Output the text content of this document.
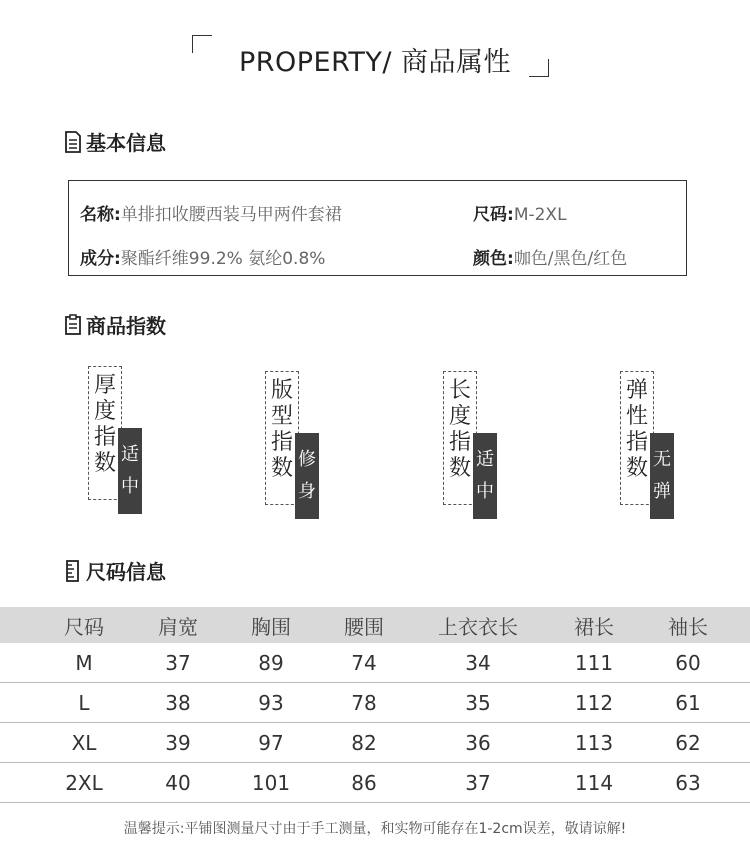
PROPERTY/ 商品属性
基本信息
名称:单排扣收腰西装马甲两件套裙	尺码:M-2XL
成分:聚酯纤维99.2% 氨纶0.8%	颜色:咖色/黑色/红色
商品指数
厚
度
指
数 适
中
版
型
指
数 修
身
长
度
指
数 适
中
弹
性
指
数 无
弹
尺码信息
尺码	肩宽	胸围	腰围	上衣衣长	裙长	袖长
M	37	89	74	34	111	60
L	38	93	78	35	112	61
XL	39	97	82	36	113	62
2XL	40	101	86	37	114	63
温馨提示:平铺图测量尺寸由于手工测量，和实物可能存在1-2cm误差，敬请谅解!
